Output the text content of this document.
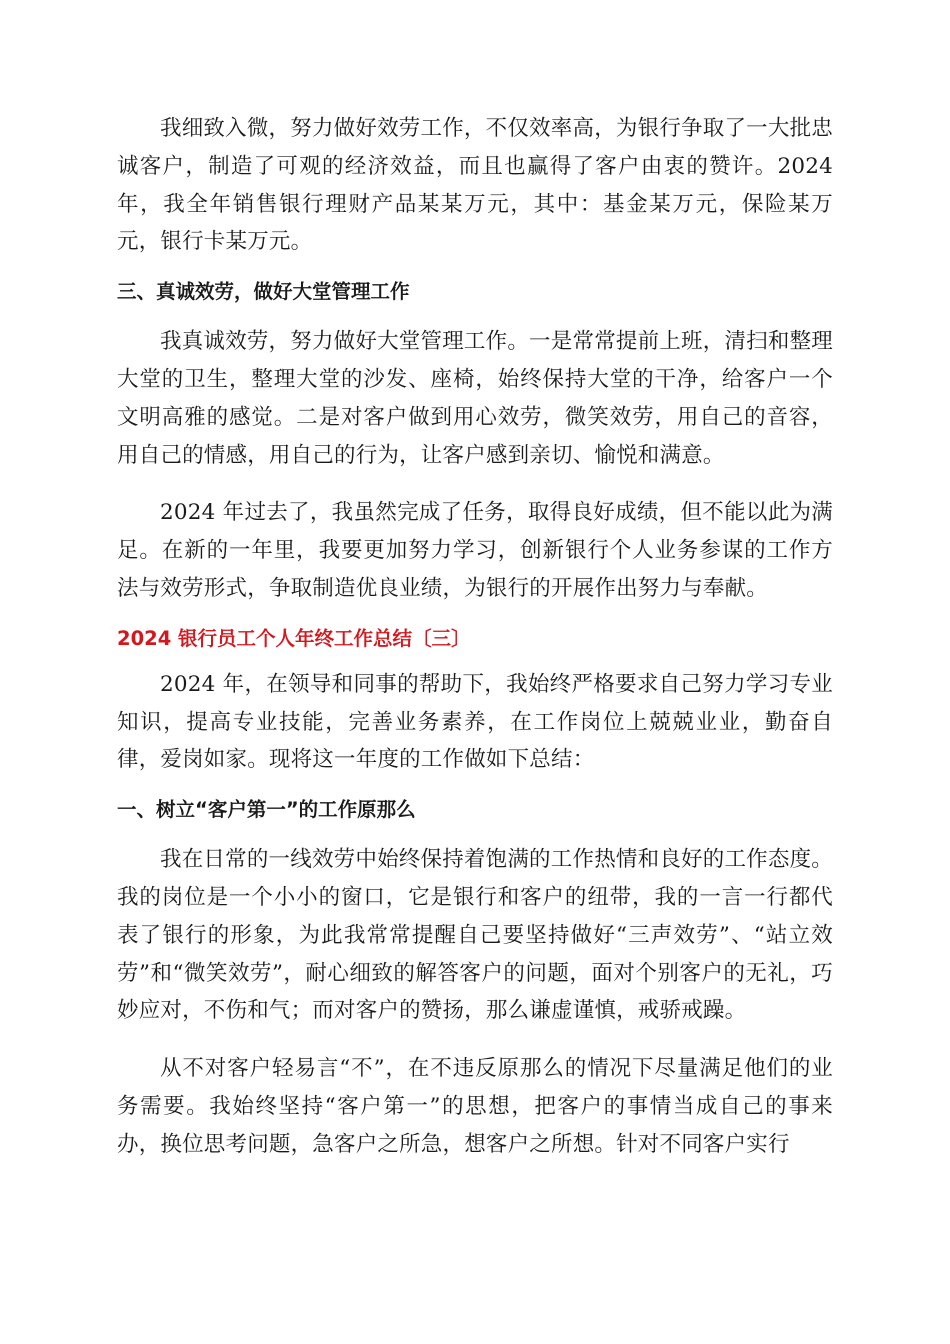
我细致入微，努力做好效劳工作，不仅效率高，为银行争取了一大批忠诚客户，制造了可观的经济效益，而且也赢得了客户由衷的赞许。2024年，我全年销售银行理财产品某某万元，其中：基金某万元，保险某万元，银行卡某万元。

三、真诚效劳，做好大堂管理工作

我真诚效劳，努力做好大堂管理工作。一是常常提前上班，清扫和整理大堂的卫生，整理大堂的沙发、座椅，始终保持大堂的干净，给客户一个文明高雅的感觉。二是对客户做到用心效劳，微笑效劳，用自己的音容，用自己的情感，用自己的行为，让客户感到亲切、愉悦和满意。

2024 年过去了，我虽然完成了任务，取得良好成绩，但不能以此为满足。在新的一年里，我要更加努力学习，创新银行个人业务参谋的工作方法与效劳形式，争取制造优良业绩，为银行的开展作出努力与奉献。

2024 银行员工个人年终工作总结〔三〕

2024 年，在领导和同事的帮助下，我始终严格要求自己努力学习专业知识，提高专业技能，完善业务素养，在工作岗位上兢兢业业，勤奋自律，爱岗如家。现将这一年度的工作做如下总结：

一、树立“客户第一”的工作原那么

我在日常的一线效劳中始终保持着饱满的工作热情和良好的工作态度。我的岗位是一个小小的窗口，它是银行和客户的纽带，我的一言一行都代表了银行的形象，为此我常常提醒自己要坚持做好“三声效劳”、“站立效劳”和“微笑效劳”，耐心细致的解答客户的问题，面对个别客户的无礼，巧妙应对，不伤和气；而对客户的赞扬，那么谦虚谨慎，戒骄戒躁。

从不对客户轻易言“不”，在不违反原那么的情况下尽量满足他们的业务需要。我始终坚持“客户第一”的思想，把客户的事情当成自己的事来办，换位思考问题，急客户之所急，想客户之所想。针对不同客户实行
